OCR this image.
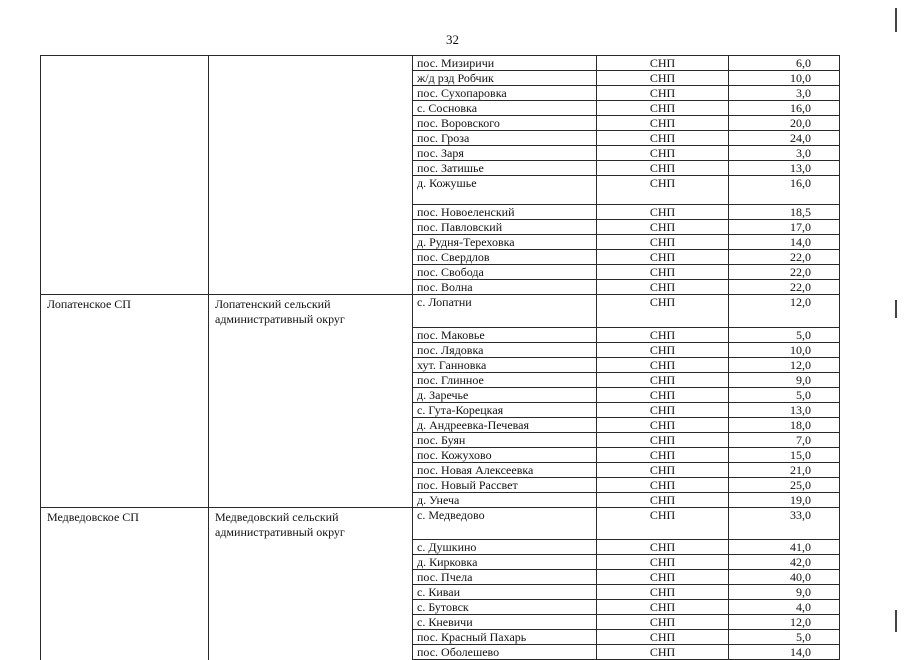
32
		пос. Мизиричи	СНП	6,0
		ж/д рзд Робчик	СНП	10,0
		пос. Сухопаровка	СНП	3,0
		с. Сосновка	СНП	16,0
		пос. Воровского	СНП	20,0
		пос. Гроза	СНП	24,0
		пос. Заря	СНП	3,0
		пос. Затишье	СНП	13,0
		д. Кожушье	СНП	16,0
		пос. Новоеленский	СНП	18,5
		пос. Павловский	СНП	17,0
		д. Рудня-Тереховка	СНП	14,0
		пос. Свердлов	СНП	22,0
		пос. Свобода	СНП	22,0
		пос. Волна	СНП	22,0
Лопатенское СП	Лопатенский сельский административный округ	с. Лопатни	СНП	12,0
		пос. Маковье	СНП	5,0
		пос. Лядовка	СНП	10,0
		хут. Ганновка	СНП	12,0
		пос. Глинное	СНП	9,0
		д. Заречье	СНП	5,0
		с. Гута-Корецкая	СНП	13,0
		д. Андреевка-Печевая	СНП	18,0
		пос. Буян	СНП	7,0
		пос. Кожухово	СНП	15,0
		пос. Новая Алексеевка	СНП	21,0
		пос. Новый Рассвет	СНП	25,0
		д. Унеча	СНП	19,0
Медведовское СП	Медведовский сельский административный округ	с. Медведово	СНП	33,0
		с. Душкино	СНП	41,0
		д. Кирковка	СНП	42,0
		пос. Пчела	СНП	40,0
		с. Киваи	СНП	9,0
		с. Бутовск	СНП	4,0
		с. Кневичи	СНП	12,0
		пос. Красный Пахарь	СНП	5,0
		пос. Оболешево	СНП	14,0
